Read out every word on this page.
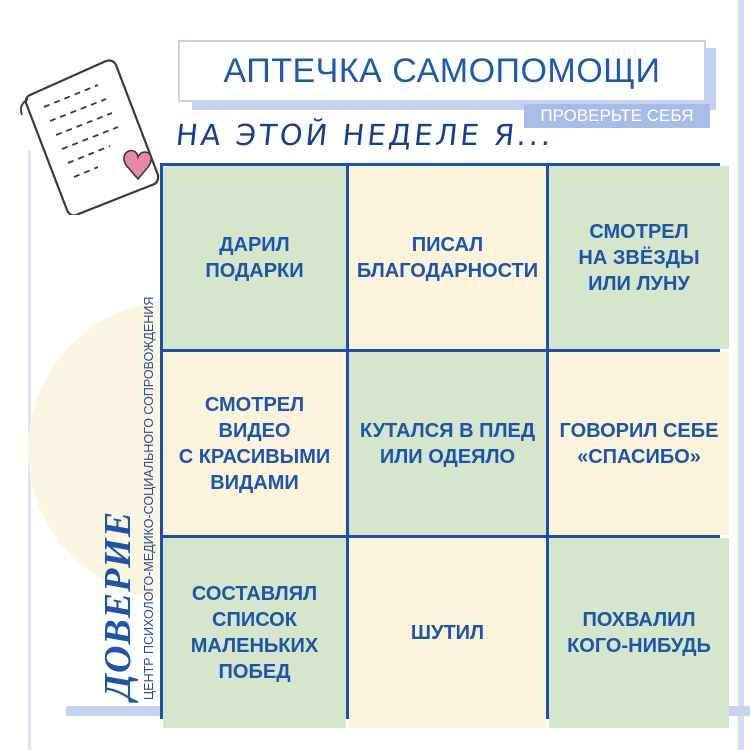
АПТЕЧКА САМОПОМОЩИ
ПРОВЕРЬТЕ СЕБЯ
НА ЭТОЙ НЕДЕЛЕ Я...
ДАРИЛ
ПОДАРКИ
ПИСАЛ
БЛАГОДАРНОСТИ
СМОТРЕЛ
НА ЗВЁЗДЫ
ИЛИ ЛУНУ
СМОТРЕЛ
ВИДЕО
С КРАСИВЫМИ
ВИДАМИ
КУТАЛСЯ В ПЛЕД
ИЛИ ОДЕЯЛО
ГОВОРИЛ СЕБЕ
«СПАСИБО»
СОСТАВЛЯЛ
СПИСОК
МАЛЕНЬКИХ
ПОБЕД
ШУТИЛ
ПОХВАЛИЛ
КОГО-НИБУДЬ
ДОВЕРИЕ ЦЕНТР ПСИХОЛОГО-МЕДИКО-СОЦИАЛЬНОГО СОПРОВОЖДЕНИЯ
